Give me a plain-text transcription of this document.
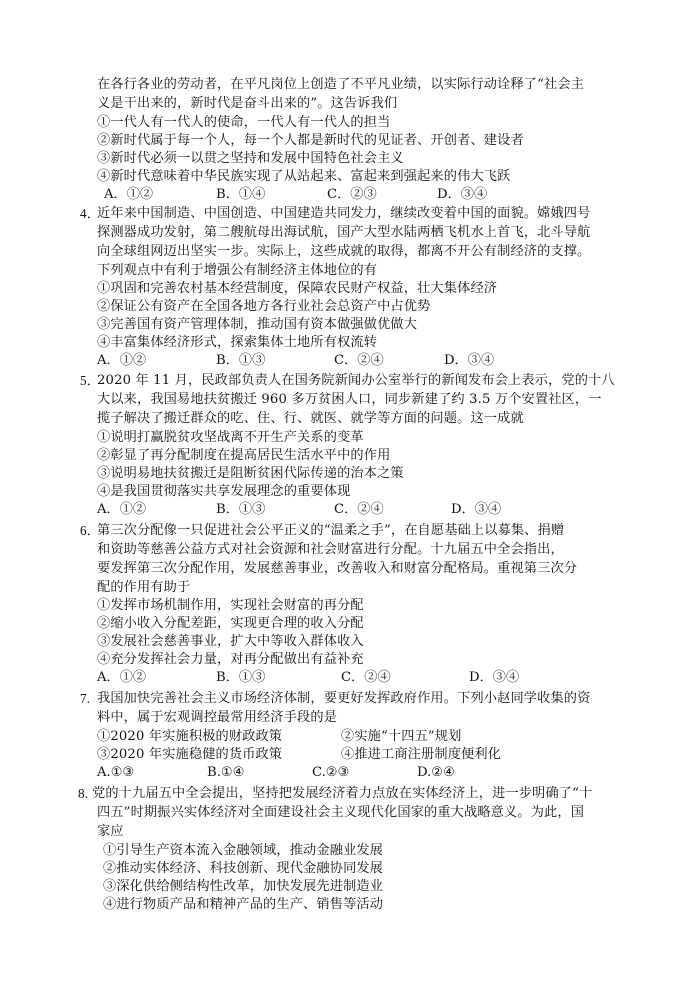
在各行各业的劳动者，在平凡岗位上创造了不平凡业绩，以实际行动诠释了“社会主
义是干出来的，新时代是奋斗出来的”。这告诉我们
①一代人有一代人的使命，一代人有一代人的担当
②新时代属于每一个人，每一个人都是新时代的见证者、开创者、建设者
③新时代必须一以贯之坚持和发展中国特色社会主义
④新时代意味着中华民族实现了从站起来、富起来到强起来的伟大飞跃
A．①②	B．①④	C．②③	D．③④
4．
近年来中国制造、中国创造、中国建造共同发力，继续改变着中国的面貌。嫦娥四号
探测器成功发射，第二艘航母出海试航，国产大型水陆两栖飞机水上首飞，北斗导航
向全球组网迈出坚实一步。实际上，这些成就的取得，都离不开公有制经济的支撑。
下列观点中有利于增强公有制经济主体地位的有
①巩固和完善农村基本经营制度，保障农民财产权益，壮大集体经济
②保证公有资产在全国各地方各行业社会总资产中占优势
③完善国有资产管理体制，推动国有资本做强做优做大
④丰富集体经济形式，探索集体土地所有权流转
A．①②	B．①③	C．②④	D．③④
5．
2020 年 11 月，民政部负责人在国务院新闻办公室举行的新闻发布会上表示，党的十八
大以来，我国易地扶贫搬迁 960 多万贫困人口，同步新建了约 3.5 万个安置社区，一
揽子解决了搬迁群众的吃、住、行、就医、就学等方面的问题。这一成就
①说明打赢脱贫攻坚战离不开生产关系的变革
②彰显了再分配制度在提高居民生活水平中的作用
③说明易地扶贫搬迁是阻断贫困代际传递的治本之策
④是我国贯彻落实共享发展理念的重要体现
A．①②	B．①③	C．②④	D．③④
6．
第三次分配像一只促进社会公平正义的“温柔之手”，在自愿基础上以募集、捐赠
和资助等慈善公益方式对社会资源和社会财富进行分配。十九届五中全会指出，
要发挥第三次分配作用，发展慈善事业，改善收入和财富分配格局。重视第三次分
配的作用有助于
①发挥市场机制作用，实现社会财富的再分配
②缩小收入分配差距，实现更合理的收入分配
③发展社会慈善事业，扩大中等收入群体收入
④充分发挥社会力量，对再分配做出有益补充
A．①②	B．①③	C．②④	D．③④
7. 我国加快完善社会主义市场经济体制，要更好发挥政府作用。下列小赵同学收集的资
料中，属于宏观调控最常用经济手段的是
①2020 年实施积极的财政政策	②实施“十四五”规划
③2020 年实施稳健的货币政策	④推进工商注册制度便利化
A.①③	B.①④	C.②③	D.②④
8. 党的十九届五中全会提出，坚持把发展经济着力点放在实体经济上，进一步明确了“十
四五”时期振兴实体经济对全面建设社会主义现代化国家的重大战略意义。为此，国
家应
①引导生产资本流入金融领域，推动金融业发展
②推动实体经济、科技创新、现代金融协同发展
③深化供给侧结构性改革，加快发展先进制造业
④进行物质产品和精神产品的生产、销售等活动
